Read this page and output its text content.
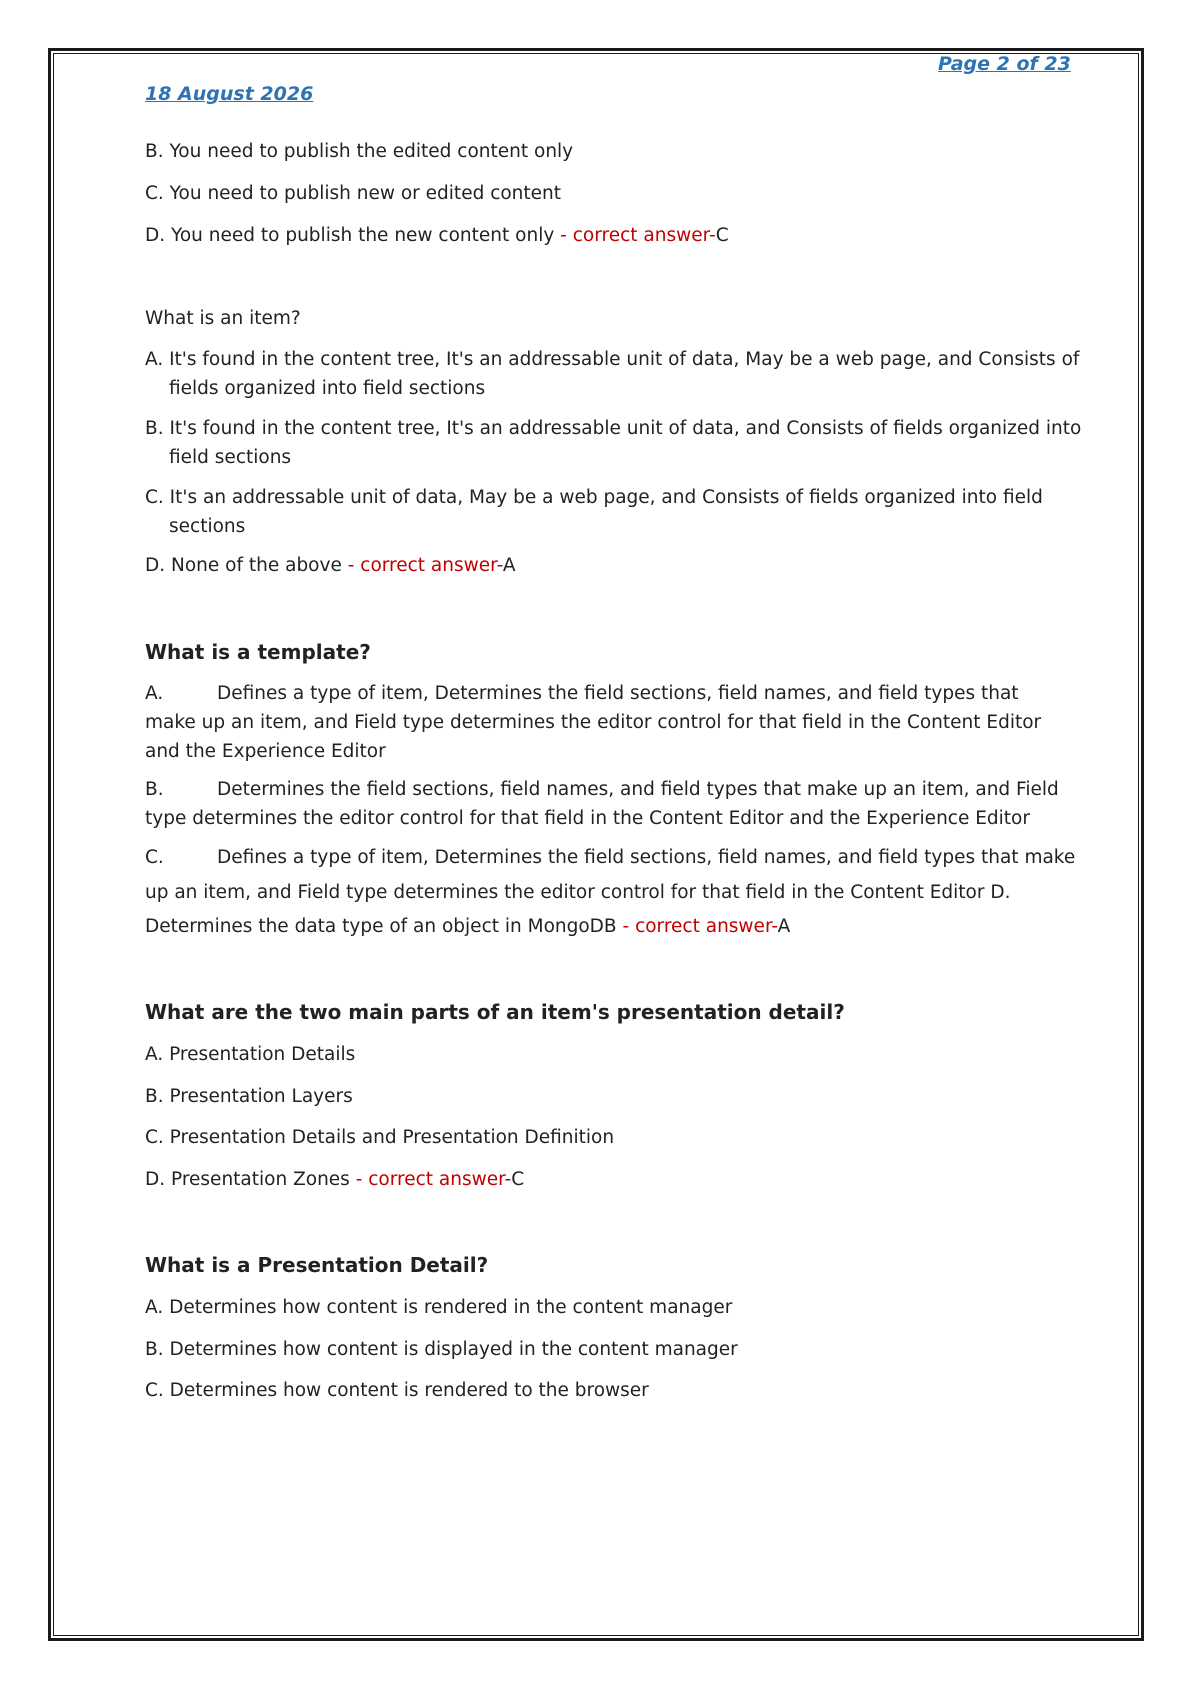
Page 2 of 23
18 August 2026
B. You need to publish the edited content only
C. You need to publish new or edited content
D. You need to publish the new content only - correct answer-C
What is an item?
A. It's found in the content tree, It's an addressable unit of data, May be a web page, and Consists of fields organized into field sections
B. It's found in the content tree, It's an addressable unit of data, and Consists of fields organized into field sections
C. It's an addressable unit of data, May be a web page, and Consists of fields organized into field sections
D. None of the above - correct answer-A
What is a template?
A.	Defines a type of item, Determines the field sections, field names, and field types that make up an item, and Field type determines the editor control for that field in the Content Editor and the Experience Editor
B.	Determines the field sections, field names, and field types that make up an item, and Field type determines the editor control for that field in the Content Editor and the Experience Editor
C.	Defines a type of item, Determines the field sections, field names, and field types that make
up an item, and Field type determines the editor control for that field in the Content Editor D.
Determines the data type of an object in MongoDB - correct answer-A
What are the two main parts of an item's presentation detail?
A. Presentation Details
B. Presentation Layers
C. Presentation Details and Presentation Definition
D. Presentation Zones - correct answer-C
What is a Presentation Detail?
A. Determines how content is rendered in the content manager
B. Determines how content is displayed in the content manager
C. Determines how content is rendered to the browser
